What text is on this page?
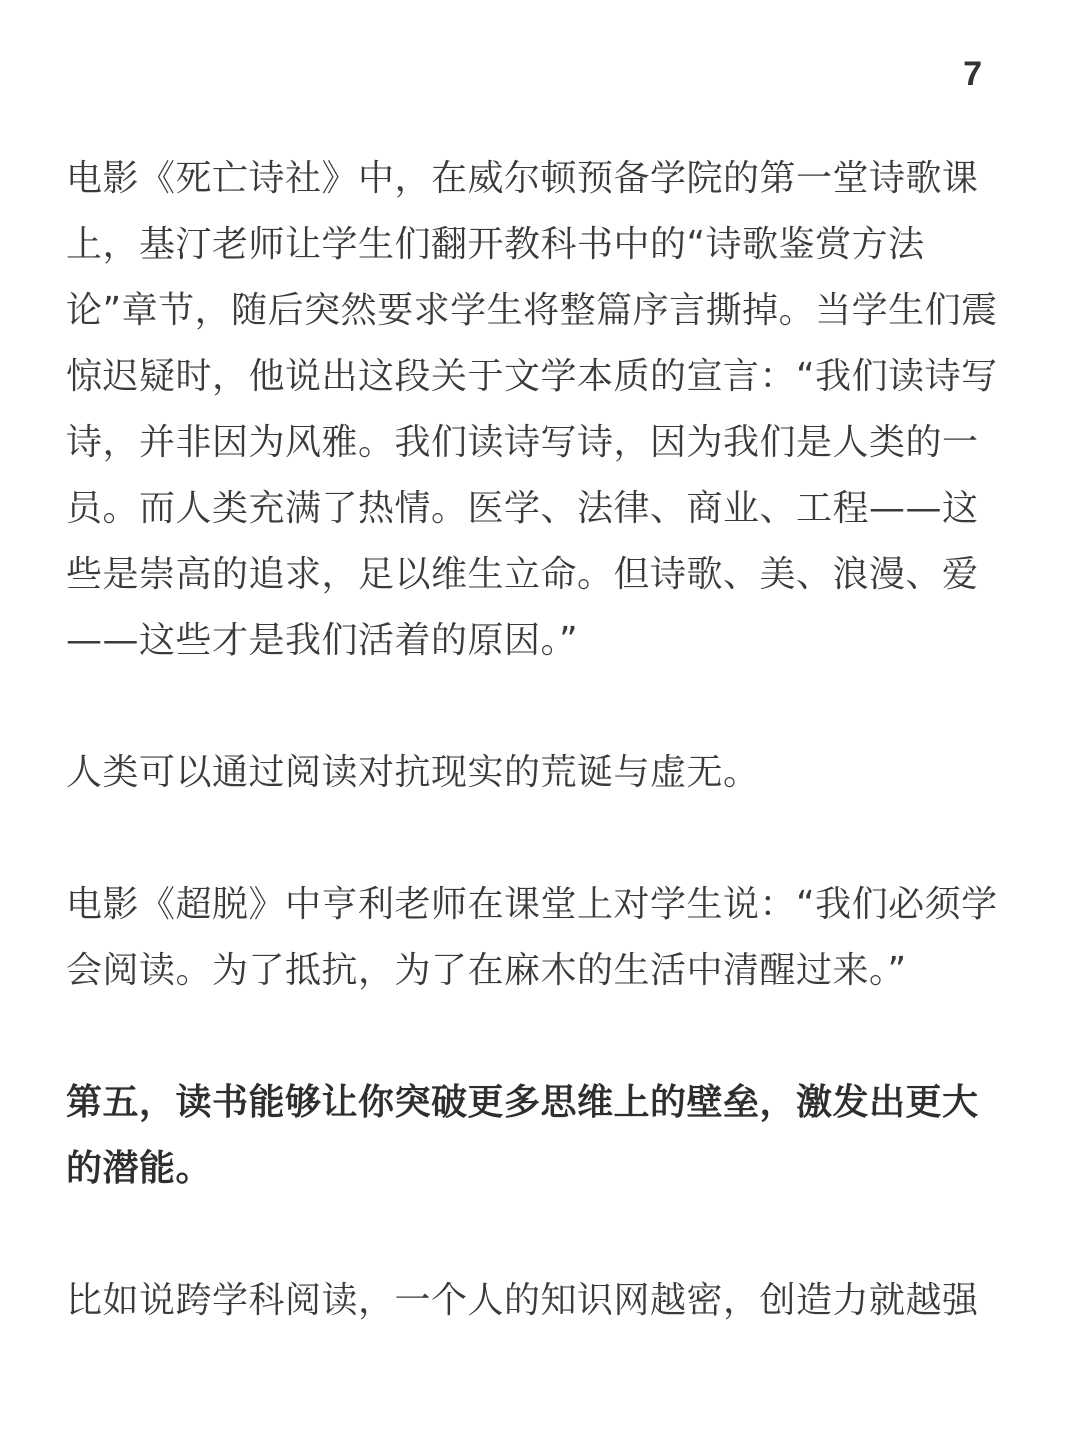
7

电影《死亡诗社》中，在威尔顿预备学院的第一堂诗歌课上，基汀老师让学生们翻开教科书中的“诗歌鉴赏方法论”章节，随后突然要求学生将整篇序言撕掉。当学生们震惊迟疑时，他说出这段关于文学本质的宣言：“我们读诗写诗，并非因为风雅。我们读诗写诗，因为我们是人类的一员。而人类充满了热情。医学、法律、商业、工程——这些是崇高的追求，足以维生立命。但诗歌、美、浪漫、爱——这些才是我们活着的原因。”

人类可以通过阅读对抗现实的荒诞与虚无。

电影《超脱》中亨利老师在课堂上对学生说：“我们必须学会阅读。为了抵抗，为了在麻木的生活中清醒过来。”

第五，读书能够让你突破更多思维上的壁垒，激发出更大的潜能。

比如说跨学科阅读，一个人的知识网越密，创造力就越强
